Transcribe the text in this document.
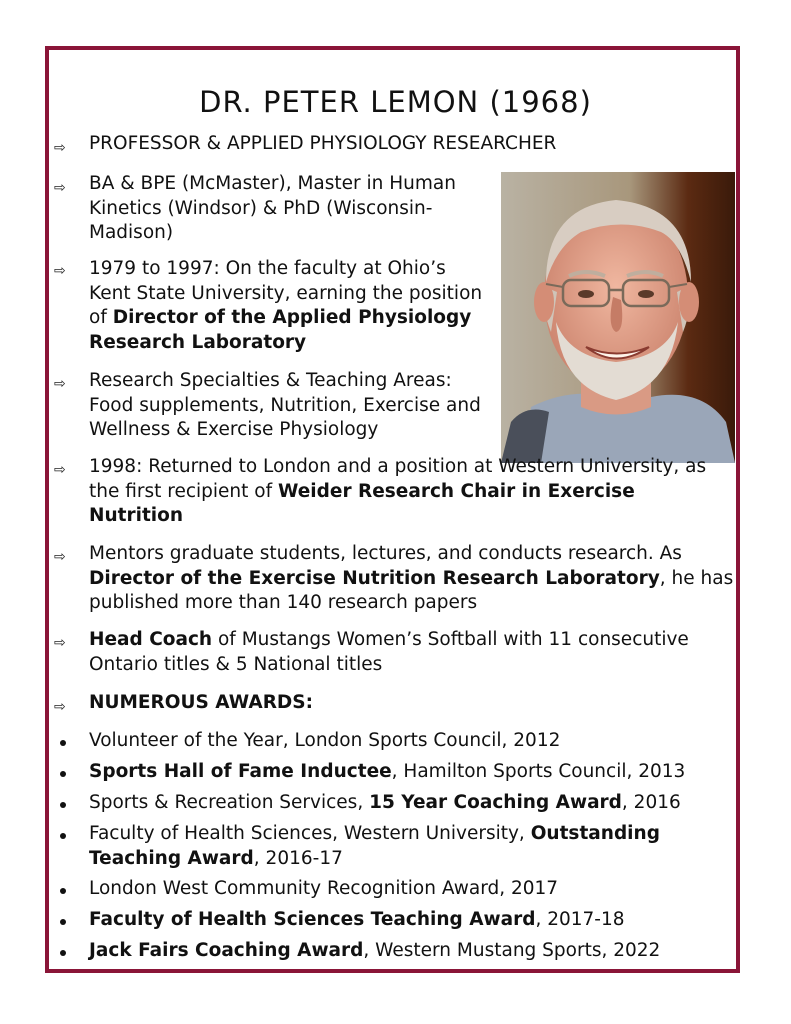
DR. PETER LEMON (1968)
⇨ PROFESSOR & APPLIED PHYSIOLOGY RESEARCHER

⇨ BA & BPE (McMaster), Master in Human Kinetics (Windsor) & PhD (Wisconsin-Madison)

⇨ 1979 to 1997: On the faculty at Ohio’s Kent State University, earning the position of Director of the Applied Physiology Research Laboratory

⇨ Research Specialties & Teaching Areas: Food supplements, Nutrition, Exercise and Wellness & Exercise Physiology

⇨ 1998: Returned to London and a position at Western University, as the first recipient of Weider Research Chair in Exercise Nutrition

⇨ Mentors graduate students, lectures, and conducts research. As Director of the Exercise Nutrition Research Laboratory, he has published more than 140 research papers

⇨ Head Coach of Mustangs Women’s Softball with 11 consecutive Ontario titles & 5 National titles

⇨ NUMEROUS AWARDS:

Volunteer of the Year, London Sports Council, 2012

Sports Hall of Fame Inductee, Hamilton Sports Council, 2013

Sports & Recreation Services, 15 Year Coaching Award, 2016

Faculty of Health Sciences, Western University, Outstanding Teaching Award, 2016-17

London West Community Recognition Award, 2017

Faculty of Health Sciences Teaching Award, 2017-18

Jack Fairs Coaching Award, Western Mustang Sports, 2022
